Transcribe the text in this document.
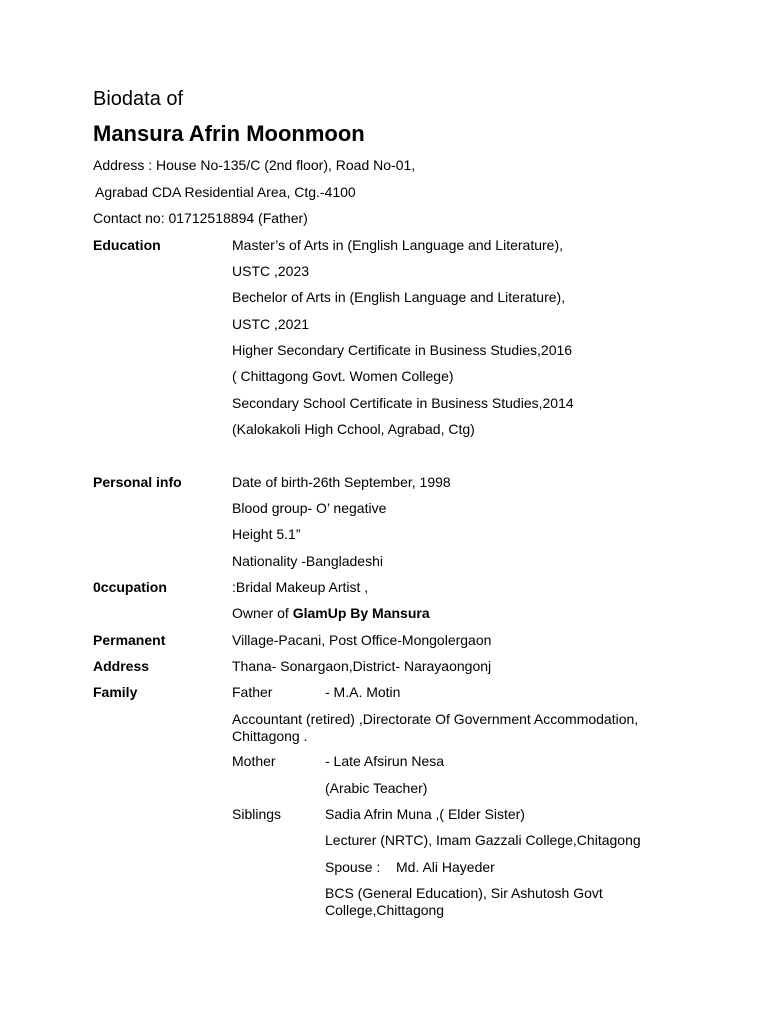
Biodata of
Mansura Afrin Moonmoon
Address : House No-135/C (2nd floor), Road No-01,
Agrabad CDA Residential Area, Ctg.-4100
Contact no: 01712518894 (Father)
Education	Master’s of Arts in (English Language and Literature),
USTC ,2023
Bechelor of Arts in (English Language and Literature),
USTC ,2021
Higher Secondary Certificate in Business Studies,2016
( Chittagong Govt. Women College)
Secondary School Certificate in Business Studies,2014
(Kalokakoli High Cchool, Agrabad, Ctg)
Personal info	Date of birth-26th September, 1998
Blood group- O’ negative
Height 5.1”
Nationality -Bangladeshi
0ccupation	:Bridal Makeup Artist ,
Owner of GlamUp By Mansura
Permanent	Village-Pacani, Post Office-Mongolergaon
Address	Thana- Sonargaon,District- Narayaongonj
Family	Father	- M.A. Motin
Accountant (retired) ,Directorate Of Government Accommodation, Chittagong .
Mother	- Late Afsirun Nesa
(Arabic Teacher)
Siblings	Sadia Afrin Muna ,( Elder Sister)
Lecturer (NRTC), Imam Gazzali College,Chitagong
Spouse : Md. Ali Hayeder
BCS (General Education), Sir Ashutosh Govt College,Chittagong
